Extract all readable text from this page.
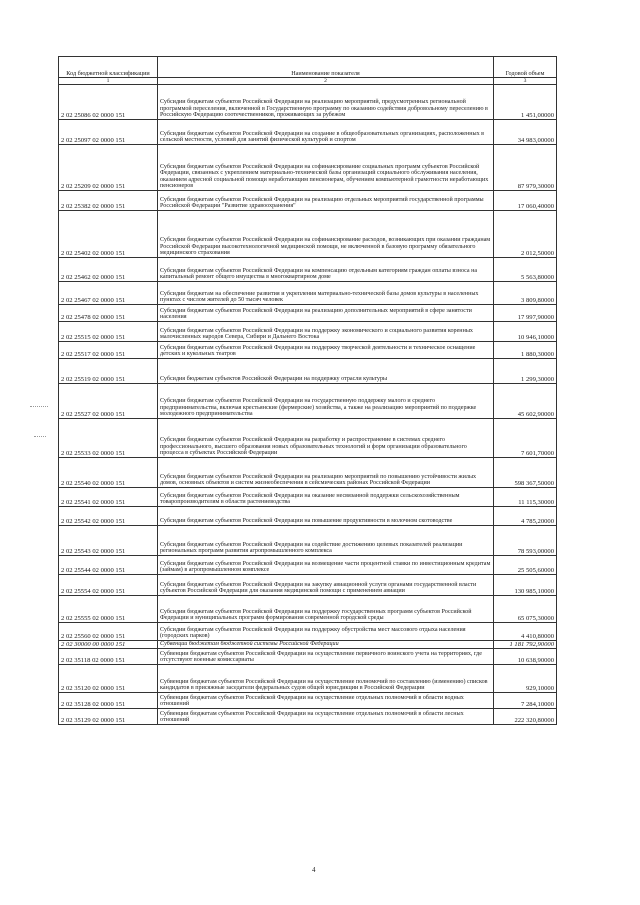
Код бюджетной классификации	Наименование показателя	Годовой объем
1	2	3
2 02 25086 02 0000 151	Субсидии бюджетам субъектов Российской Федерации на реализацию мероприятий, предусмотренных региональной программой переселения, включенной в Государственную программу по оказанию содействия добровольному переселению в Российскую Федерацию соотечественников, проживающих за рубежом	1 451,00000
2 02 25097 02 0000 151	Субсидии бюджетам субъектов Российской Федерации на создание в общеобразовательных организациях, расположенных в сельской местности, условий для занятий физической культурой и спортом	34 983,00000
2 02 25209 02 0000 151	Субсидии бюджетам субъектов Российской Федерации на софинансирование социальных программ субъектов Российской Федерации, связанных с укреплением материально-технической базы организаций социального обслуживания населения, оказанием адресной социальной помощи неработающим пенсионерам, обучением компьютерной грамотности неработающих пенсионеров	87 979,30000
2 02 25382 02 0000 151	Субсидии бюджетам субъектов Российской Федерации на реализацию отдельных мероприятий государственной программы Российской Федерации "Развитие здравоохранения"	17 060,40000
2 02 25402 02 0000 151	Субсидии бюджетам субъектов Российской Федерации на софинансирование расходов, возникающих при оказании гражданам Российской Федерации высокотехнологичной медицинской помощи, не включенной в базовую программу обязательного медицинского страхования	2 012,50000
2 02 25462 02 0000 151	Субсидии бюджетам субъектов Российской Федерации на компенсацию отдельным категориям граждан оплаты взноса на капитальный ремонт общего имущества в многоквартирном доме	5 563,80000
2 02 25467 02 0000 151	Субсидии бюджетам на обеспечение развития и укрепления материально-технической базы домов культуры в населенных пунктах с числом жителей до 50 тысяч человек	3 809,80000
2 02 25478 02 0000 151	Субсидии бюджетам субъектов Российской Федерации на реализацию дополнительных мероприятий в сфере занятости населения	17 997,90000
2 02 25515 02 0000 151	Субсидии бюджетам субъектов Российской Федерации на поддержку экономического и социального развития коренных малочисленных народов Севера, Сибири и Дальнего Востока	10 946,10000
2 02 25517 02 0000 151	Субсидии бюджетам субъектов Российской Федерации на поддержку творческой деятельности и техническое оснащение детских и кукольных театров	1 880,30000
2 02 25519 02 0000 151	Субсидия бюджетам субъектов Российской Федерации на поддержку отрасли культуры	1 299,30000
2 02 25527 02 0000 151	Субсидии бюджетам субъектов Российской Федерации на государственную поддержку малого и среднего предпринимательства, включая крестьянские (фермерские) хозяйства, а также на реализацию мероприятий по поддержке молодежного предпринимательства	45 602,90000
2 02 25533 02 0000 151	Субсидии бюджетам субъектов Российской Федерации на разработку и распространение в системах среднего профессионального, высшего образования новых образовательных технологий и форм организации образовательного процесса в субъектах Российской Федерации	7 601,70000
2 02 25540 02 0000 151	Субсидии бюджетам субъектов Российской Федерации на реализацию мероприятий по повышению устойчивости жилых домов, основных объектов и систем жизнеобеспечения в сейсмических районах Российской Федерации	598 367,50000
2 02 25541 02 0000 151	Субсидии бюджетам субъектов Российской Федерации на оказание несвязанной поддержки сельскохозяйственным товаропроизводителям в области растениеводства	11 115,30000
2 02 25542 02 0000 151	Субсидии бюджетам субъектов Российской Федерации на повышение продуктивности в молочном скотоводстве	4 785,20000
2 02 25543 02 0000 151	Субсидии бюджетам субъектов Российской Федерации на содействие достижению целевых показателей реализации региональных программ развития агропромышленного комплекса	78 593,00000
2 02 25544 02 0000 151	Субсидии бюджетам субъектов Российской Федерации на возмещение части процентной ставки по инвестиционным кредитам (займам) в агропромышленном комплексе	25 505,60000
2 02 25554 02 0000 151	Субсидии бюджетам субъектов Российской Федерации на закупку авиационной услуги органами государственной власти субъектов Российской Федерации для оказания медицинской помощи с применением авиации	130 985,10000
2 02 25555 02 0000 151	Субсидии бюджетам субъектов Российской Федерации на поддержку государственных программ субъектов Российской Федерации и муниципальных программ формирования современной городской среды	65 075,30000
2 02 25560 02 0000 151	Субсидии бюджетам субъектов Российской Федерации на поддержку обустройства мест массового отдыха населения (городских парков)	4 410,80000
2 02 30000 00 0000 151	Субвенции бюджетам бюджетной системы Российской Федерации	1 181 792,90000
2 02 35118 02 0000 151	Субвенции бюджетам субъектов Российской Федерации на осуществление первичного воинского учета на территориях, где отсутствуют военные комиссариаты	10 638,90000
2 02 35120 02 0000 151	Субвенции бюджетам субъектов Российской Федерации на осуществление полномочий по составлению (изменению) списков кандидатов в присяжные заседатели федеральных судов общей юрисдикции в Российской Федерации	929,10000
2 02 35128 02 0000 151	Субвенции бюджетам субъектов Российской Федерации на осуществление отдельных полномочий в области водных отношений	7 284,10000
2 02 35129 02 0000 151	Субвенции бюджетам субъектов Российской Федерации на осуществление отдельных полномочий в области лесных отношений	222 320,80000
4
